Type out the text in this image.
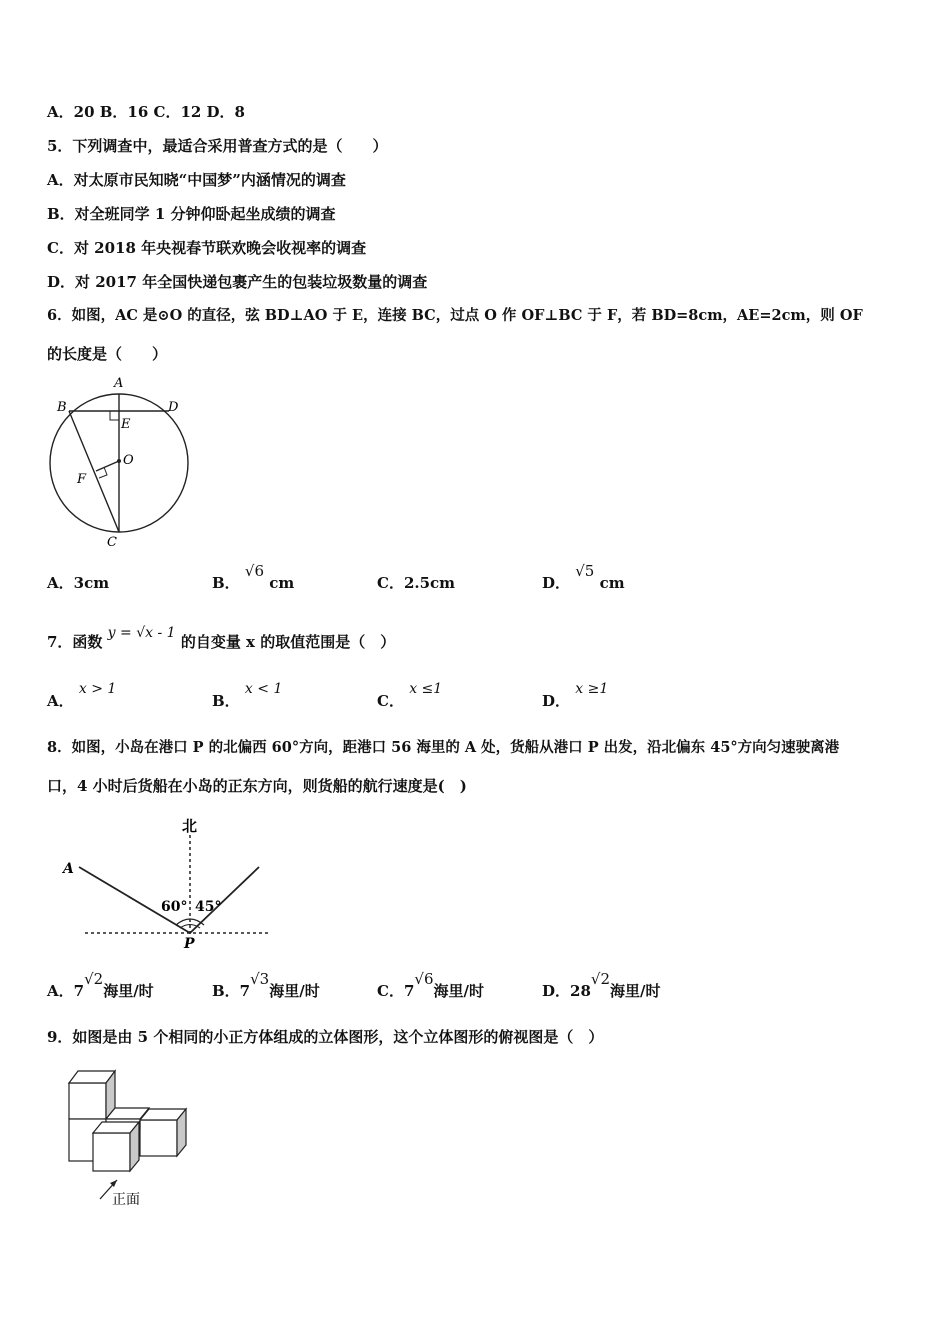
A．20 B．16 C．12 D．8
5．下列调查中，最适合采用普查方式的是（　　）
A．对太原市民知晓“中国梦”内涵情况的调查
B．对全班同学 1 分钟仰卧起坐成绩的调查
C．对 2018 年央视春节联欢晚会收视率的调查
D．对 2017 年全国快递包裹产生的包装垃圾数量的调查
6．如图，AC 是⊙O 的直径，弦 BD⊥AO 于 E，连接 BC，过点 O 作 OF⊥BC 于 F，若 BD=8cm，AE=2cm，则 OF
的长度是（　　）
A
B	D
E
O
F
C
A．3cm	B． √6 cm	C．2.5cm	D． √5 cm
7．函数 y = √x - 1 的自变量 x 的取值范围是（　）
A． x > 1
B． x < 1
C． x ≤1
D． x ≥1
8．如图，小岛在港口 P 的北偏西 60°方向，距港口 56 海里的 A 处，货船从港口 P 出发，沿北偏东 45°方向匀速驶离港
口，4 小时后货船在小岛的正东方向，则货船的航行速度是(　)
北
A
P
60° 45°
A．7√2海里/时	B．7√3海里/时	C．7√6海里/时	D．28√2海里/时
9．如图是由 5 个相同的小正方体组成的立体图形，这个立体图形的俯视图是（　）
正面
